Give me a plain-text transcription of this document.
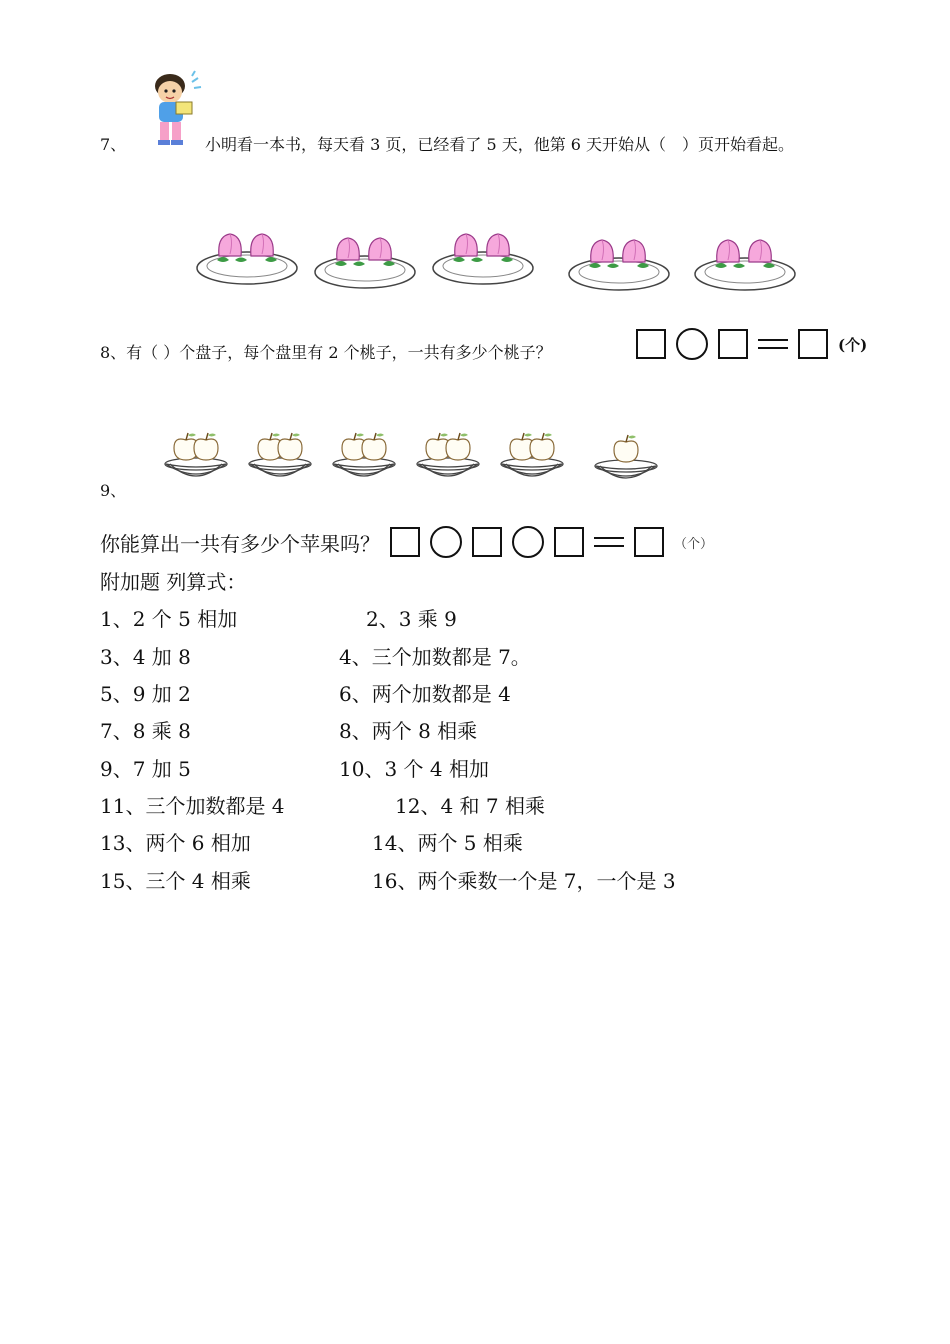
7、	小明看一本书，每天看 3 页，已经看了 5 天，他第 6 天开始从（　）页开始看起。
8、有（ ）个盘子，每个盘里有 2 个桃子，一共有多少个桃子？	(个)
9、
你能算出一共有多少个苹果吗？	（个）
附加题 列算式：
1、2 个 5 相加	2、3 乘 9
3、4 加 8	4、三个加数都是 7。
5、9 加 2	6、两个加数都是 4
7、8 乘 8	8、两个 8 相乘
9、7 加 5	10、3 个 4 相加
11、三个加数都是 4	12、4 和 7 相乘
13、两个 6 相加	14、两个 5 相乘
15、三个 4 相乘	16、两个乘数一个是 7，一个是 3
